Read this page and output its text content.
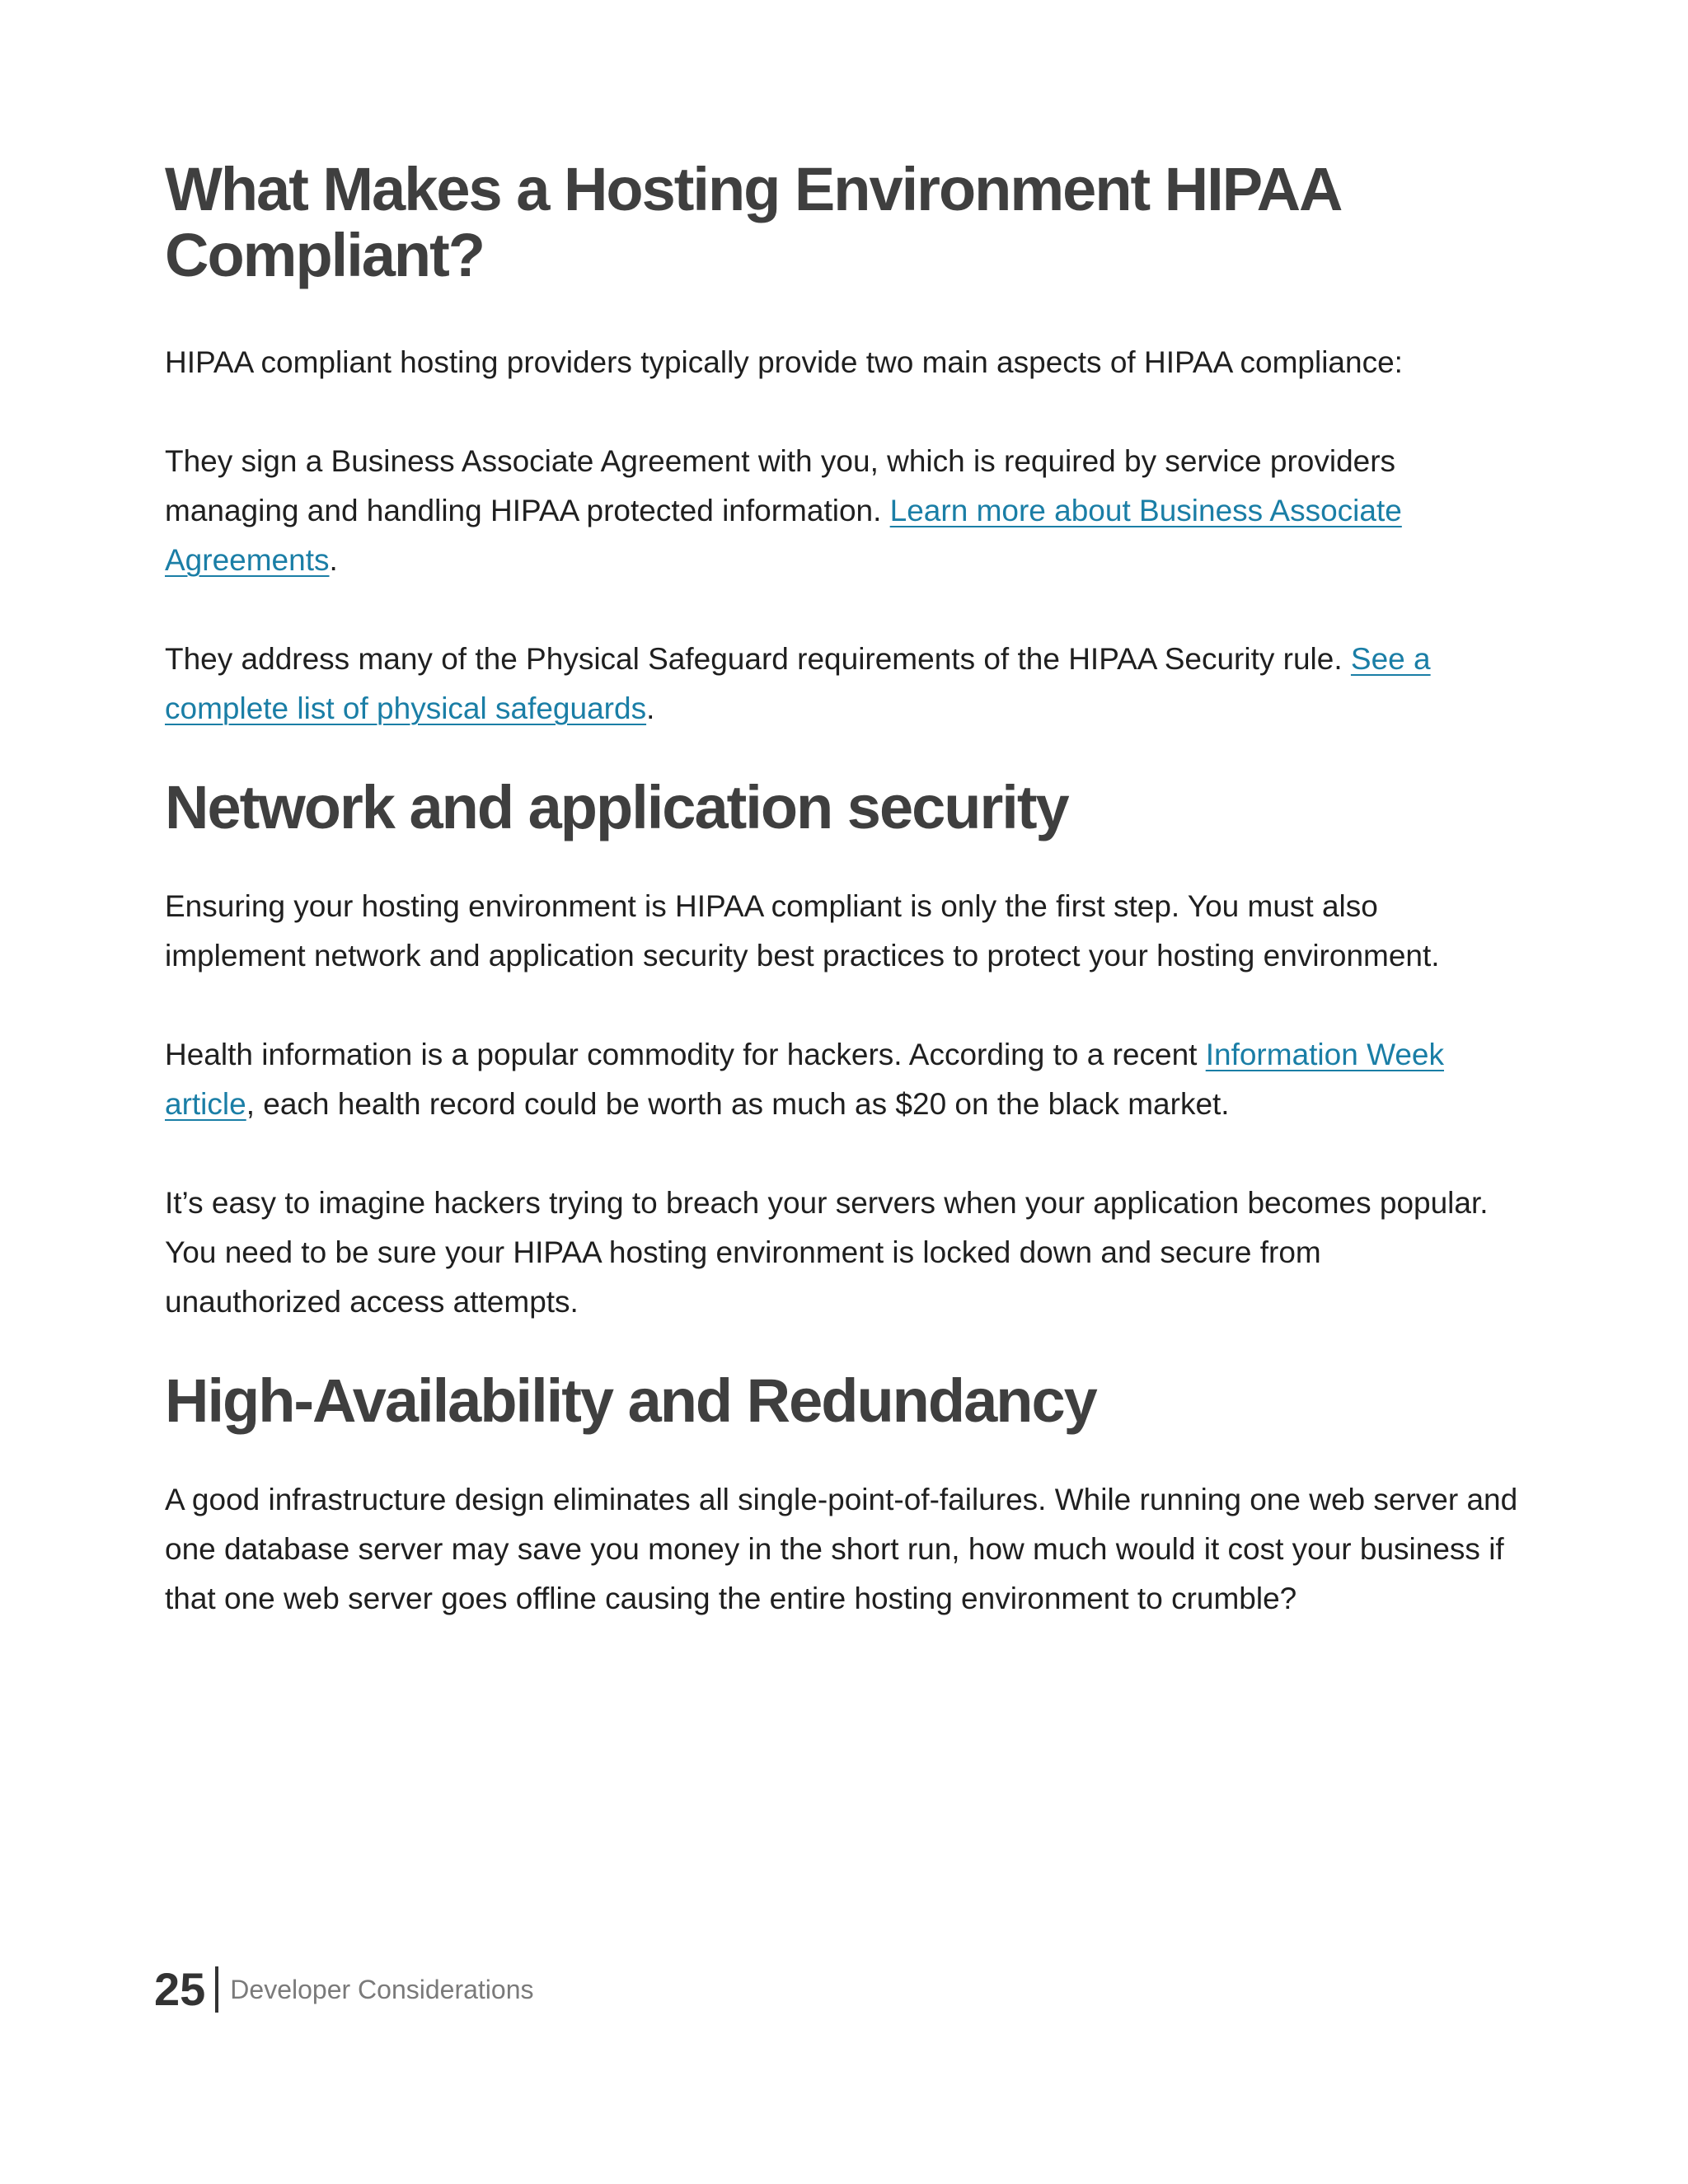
What Makes a Hosting Environment HIPAA
Compliant?

HIPAA compliant hosting providers typically provide two main aspects of HIPAA compliance:

They sign a Business Associate Agreement with you, which is required by service providers managing and handling HIPAA protected information. Learn more about Business Associate Agreements.

They address many of the Physical Safeguard requirements of the HIPAA Security rule. See a complete list of physical safeguards.

Network and application security

Ensuring your hosting environment is HIPAA compliant is only the first step. You must also implement network and application security best practices to protect your hosting environment.

Health information is a popular commodity for hackers. According to a recent Information Week article, each health record could be worth as much as $20 on the black market.

It’s easy to imagine hackers trying to breach your servers when your application becomes popular. You need to be sure your HIPAA hosting environment is locked down and secure from unauthorized access attempts.

High-Availability and Redundancy

A good infrastructure design eliminates all single-point-of-failures. While running one web server and one database server may save you money in the short run, how much would it cost your business if that one web server goes offline causing the entire hosting environment to crumble?

25 Developer Considerations
